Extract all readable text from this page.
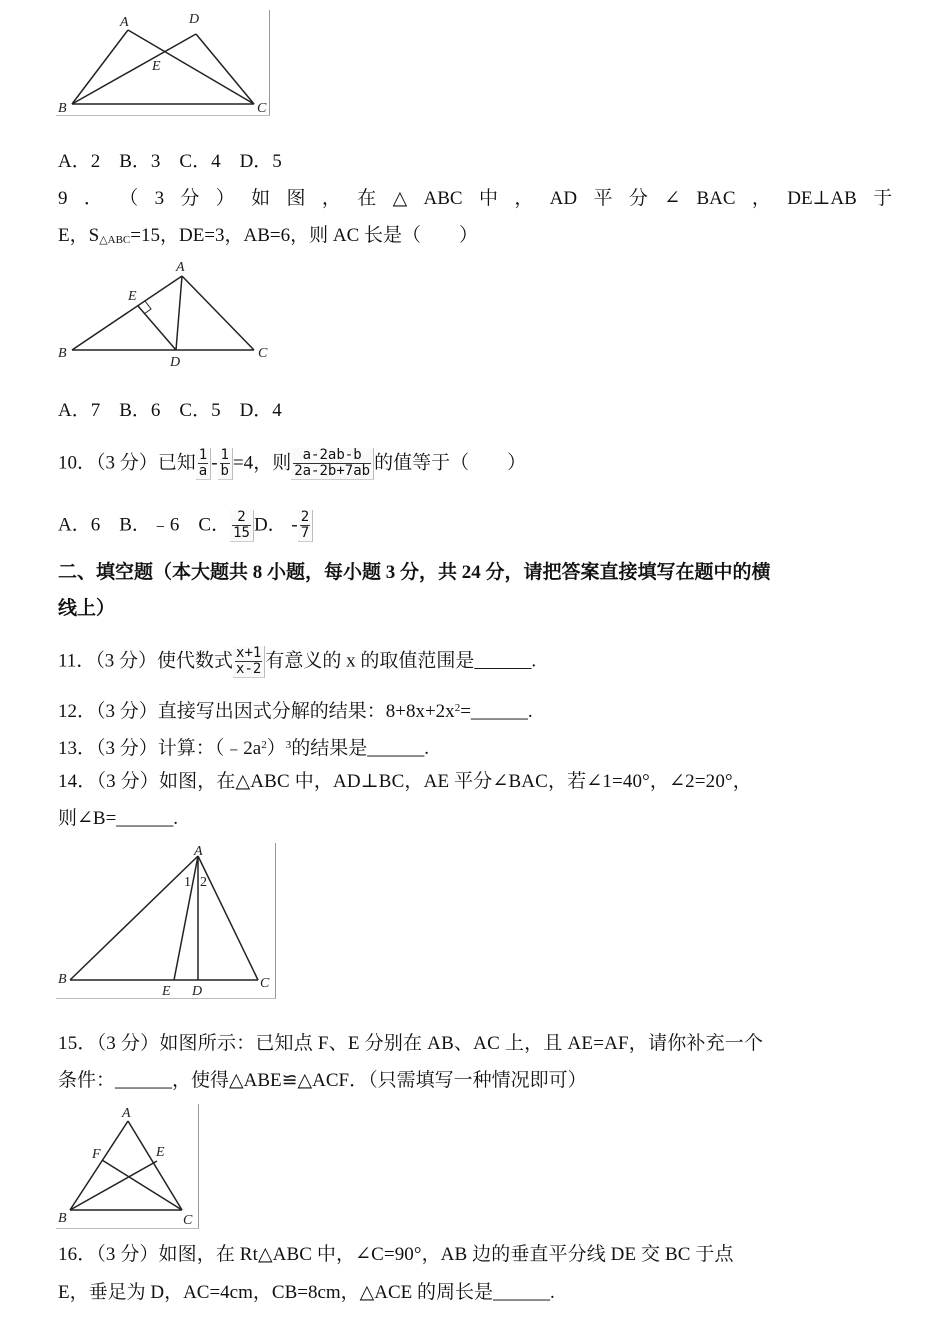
A	D
E
B	C
A．2　B．3　C．4　D．5
9 ． （ 3 分 ） 如 图 ， 在 △ ABC 中 ， AD 平 分 ∠ BAC ， DE⊥AB 于
E，$S_{\triangle ABC}=15$，DE=3，AB=6，则 AC 长是（　　）
A
E
B
D
C
A．7　B．6　C．5　D．4
10．（3 分）已知 $\frac{1}{a} - \frac{1}{b} =4$，则 $\frac{a-2ab-b}{2a-2b+7ab}$ 的值等于（　　）
A．6　B．﹣6　C． $\frac{2}{15}$ D． - $\frac{2}{7}$
二、填空题（本大题共 8 小题，每小题 3 分，共 24 分，请把答案直接填写在题中的横
线上）
11．（3 分）使代数式 $\frac{x+1}{x-2}$ 有意义的 x 的取值范围是______.
12．（3 分）直接写出因式分解的结果：$8+8x+2x^2=\_\_\_\_\_\_$.
13．（3 分）计算：$(﹣2a^2)^3$的结果是______.
14．（3 分）如图，在△ABC 中，AD⊥BC，AE 平分∠BAC，若∠1=40°，∠2=20°，
则∠B=______.
A
1 2
B
E D
C
15．（3 分）如图所示：已知点 F、E 分别在 AB、AC 上，且 AE=AF，请你补充一个
条件：______，使得△ABE≌△ACF．（只需填写一种情况即可）
A
F	E
B	C
16．（3 分）如图，在 Rt△ABC 中，∠C=90°，AB 边的垂直平分线 DE 交 BC 于点
E，垂足为 D，AC=4cm，CB=8cm，△ACE 的周长是______.
